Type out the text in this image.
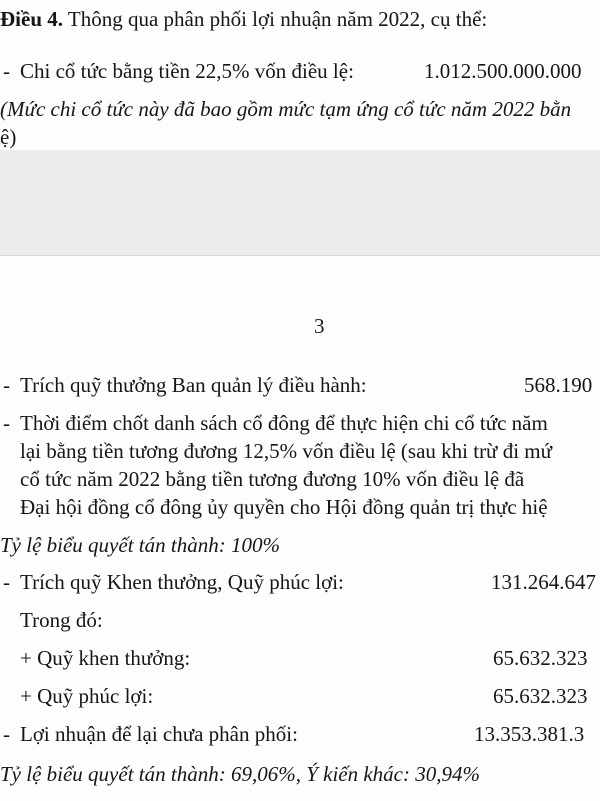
Điều 4. Thông qua phân phối lợi nhuận năm 2022, cụ thể:
- Chi cổ tức bằng tiền 22,5% vốn điều lệ:	1.012.500.000.000
(Mức chi cổ tức này đã bao gồm mức tạm ứng cổ tức năm 2022 bằn
ệ)
3
- Trích quỹ thưởng Ban quản lý điều hành:	568.190
- Thời điểm chốt danh sách cổ đông để thực hiện chi cổ tức năm
lại bằng tiền tương đương 12,5% vốn điều lệ (sau khi trừ đi mứ
cổ tức năm 2022 bằng tiền tương đương 10% vốn điều lệ đã
Đại hội đồng cổ đông ủy quyền cho Hội đồng quản trị thực hiệ
Tỷ lệ biểu quyết tán thành: 100%
- Trích quỹ Khen thưởng, Quỹ phúc lợi:	131.264.647
Trong đó:
+ Quỹ khen thưởng:	65.632.323
+ Quỹ phúc lợi:	65.632.323
- Lợi nhuận để lại chưa phân phối:	13.353.381.3
Tỷ lệ biểu quyết tán thành: 69,06%, Ý kiến khác: 30,94%
